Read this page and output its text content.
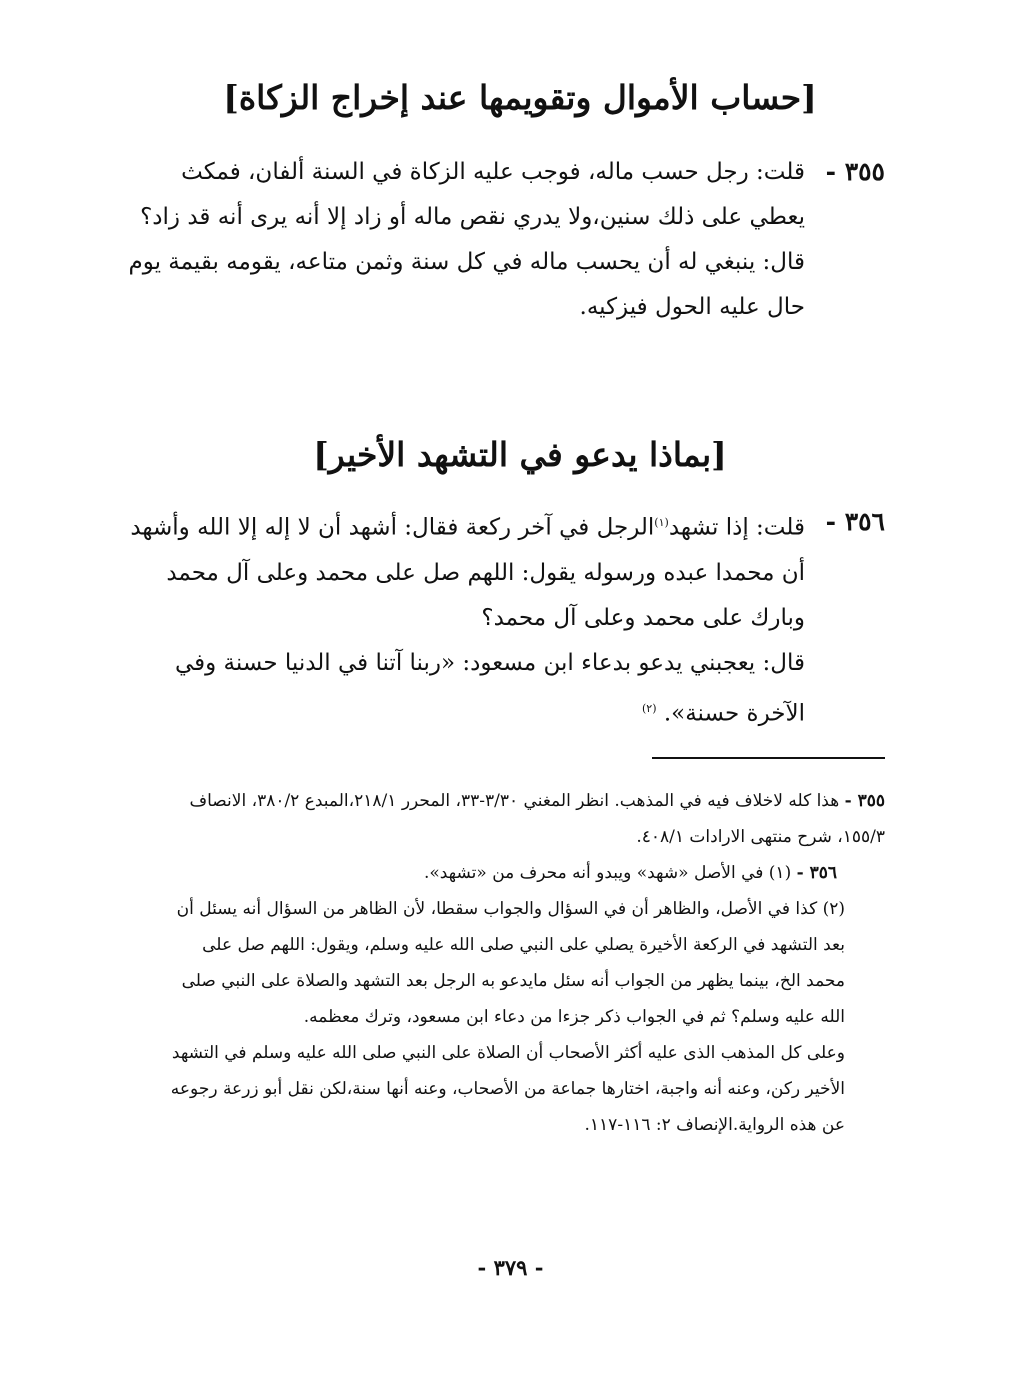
[حساب الأموال وتقويمها عند إخراج الزكاة]
٣٥٥ -

قلت: رجل حسب ماله، فوجب عليه الزكاة في السنة ألفان، فمكث يعطي على ذلك سنين،ولا يدري نقص ماله أو زاد إلا أنه يرى أنه قد زاد؟

قال: ينبغي له أن يحسب ماله في كل سنة وثمن متاعه، يقومه بقيمة يوم حال عليه الحول فيزكيه.

[بماذا يدعو في التشهد الأخير]
٣٥٦ -

قلت: إذا تشهد$^{(١)}$الرجل في آخر ركعة فقال: أشهد أن لا إله إلا الله وأشهد أن محمدا عبده ورسوله يقول: اللهم صل على محمد وعلى آل محمد وبارك على محمد وعلى آل محمد؟

قال: يعجبني يدعو بدعاء ابن مسعود: «ربنا آتنا في الدنيا حسنة وفي الآخرة حسنة». $^{(٢)}$

٣٥٥ - هذا كله لاخلاف فيه في المذهب. انظر المغني ٣/٣٠-٣٣، المحرر ٢١٨/١،المبدع ٣٨٠/٢، الانصاف ١٥٥/٣، شرح منتهى الارادات ٤٠٨/١.

٣٥٦ - (١) في الأصل «شهد» ويبدو أنه محرف من «تشهد».

(٢) كذا في الأصل، والظاهر أن في السؤال والجواب سقطا، لأن الظاهر من السؤال أنه يسئل أن بعد التشهد في الركعة الأخيرة يصلي على النبي صلى الله عليه وسلم، ويقول: اللهم صل على محمد الخ، بينما يظهر من الجواب أنه سئل مايدعو به الرجل بعد التشهد والصلاة على النبي صلى الله عليه وسلم؟ ثم في الجواب ذكر جزءا من دعاء ابن مسعود، وترك معظمه.

وعلى كل المذهب الذى عليه أكثر الأصحاب أن الصلاة على النبي صلى الله عليه وسلم في التشهد الأخير ركن، وعنه أنه واجبة، اختارها جماعة من الأصحاب، وعنه أنها سنة،لكن نقل أبو زرعة رجوعه عن هذه الرواية.الإنصاف ٢: ١١٦-١١٧.

- ٣٧٩ -
